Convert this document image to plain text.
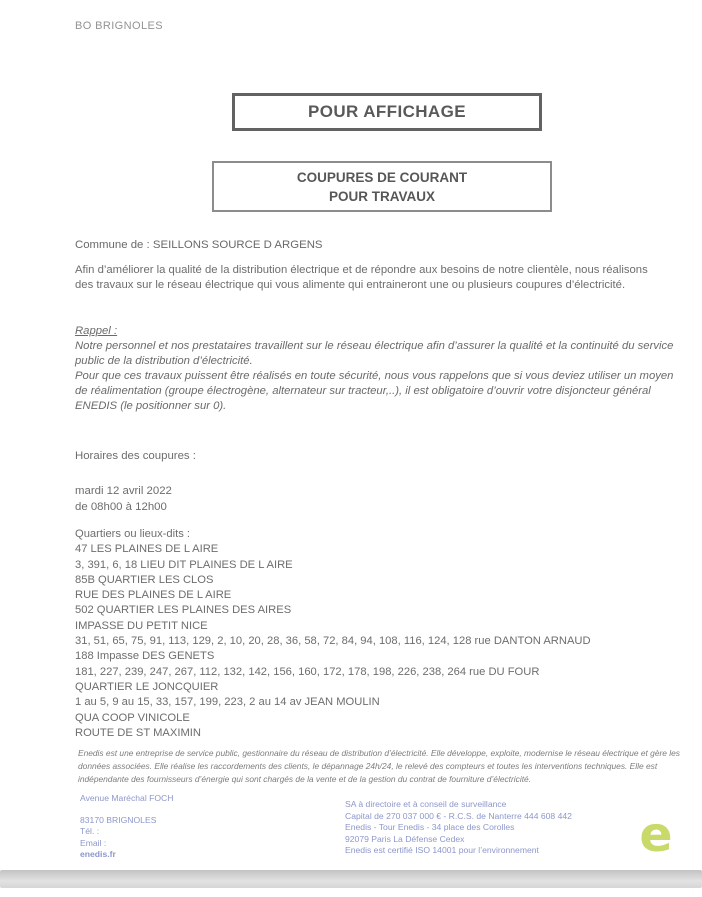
BO BRIGNOLES
POUR AFFICHAGE
COUPURES DE COURANT
POUR TRAVAUX
Commune de : SEILLONS SOURCE D ARGENS
Afin d’améliorer la qualité de la distribution électrique et de répondre aux besoins de notre clientèle, nous réalisons des travaux sur le réseau électrique qui vous alimente qui entraineront une ou plusieurs coupures d’électricité.
Rappel :
Notre personnel et nos prestataires travaillent sur le réseau électrique afin d’assurer la qualité et la continuité du service public de la distribution d’électricité.
Pour que ces travaux puissent être réalisés en toute sécurité, nous vous rappelons que si vous deviez utiliser un moyen de réalimentation (groupe électrogène, alternateur sur tracteur,..), il est obligatoire d’ouvrir votre disjoncteur général ENEDIS (le positionner sur 0).
Horaires des coupures :
mardi 12 avril 2022
de 08h00 à 12h00
Quartiers ou lieux-dits :
47 LES PLAINES DE L AIRE
3, 391, 6, 18 LIEU DIT PLAINES DE L AIRE
85B QUARTIER LES CLOS
RUE DES PLAINES DE L AIRE
502 QUARTIER LES PLAINES DES AIRES
IMPASSE DU PETIT NICE
31, 51, 65, 75, 91, 113, 129, 2, 10, 20, 28, 36, 58, 72, 84, 94, 108, 116, 124, 128 rue DANTON ARNAUD
188 Impasse DES GENETS
181, 227, 239, 247, 267, 112, 132, 142, 156, 160, 172, 178, 198, 226, 238, 264 rue DU FOUR
QUARTIER LE JONCQUIER
1 au 5, 9 au 15, 33, 157, 199, 223, 2 au 14 av JEAN MOULIN
QUA COOP VINICOLE
ROUTE DE ST MAXIMIN
Enedis est une entreprise de service public, gestionnaire du réseau de distribution d’électricité. Elle développe, exploite, modernise le réseau électrique et gère les données associées. Elle réalise les raccordements des clients, le dépannage 24h/24, le relevé des compteurs et toutes les interventions techniques. Elle est indépendante des fournisseurs d’énergie qui sont chargés de la vente et de la gestion du contrat de fourniture d’électricité.
Avenue Maréchal FOCH
83170 BRIGNOLES
Tél. :
Email :
enedis.fr
SA à directoire et à conseil de surveillance
Capital de 270 037 000 € - R.C.S. de Nanterre 444 608 442
Enedis - Tour Enedis - 34 place des Corolles
92079 Paris La Défense Cedex
Enedis est certifié ISO 14001 pour l’environnement	e
